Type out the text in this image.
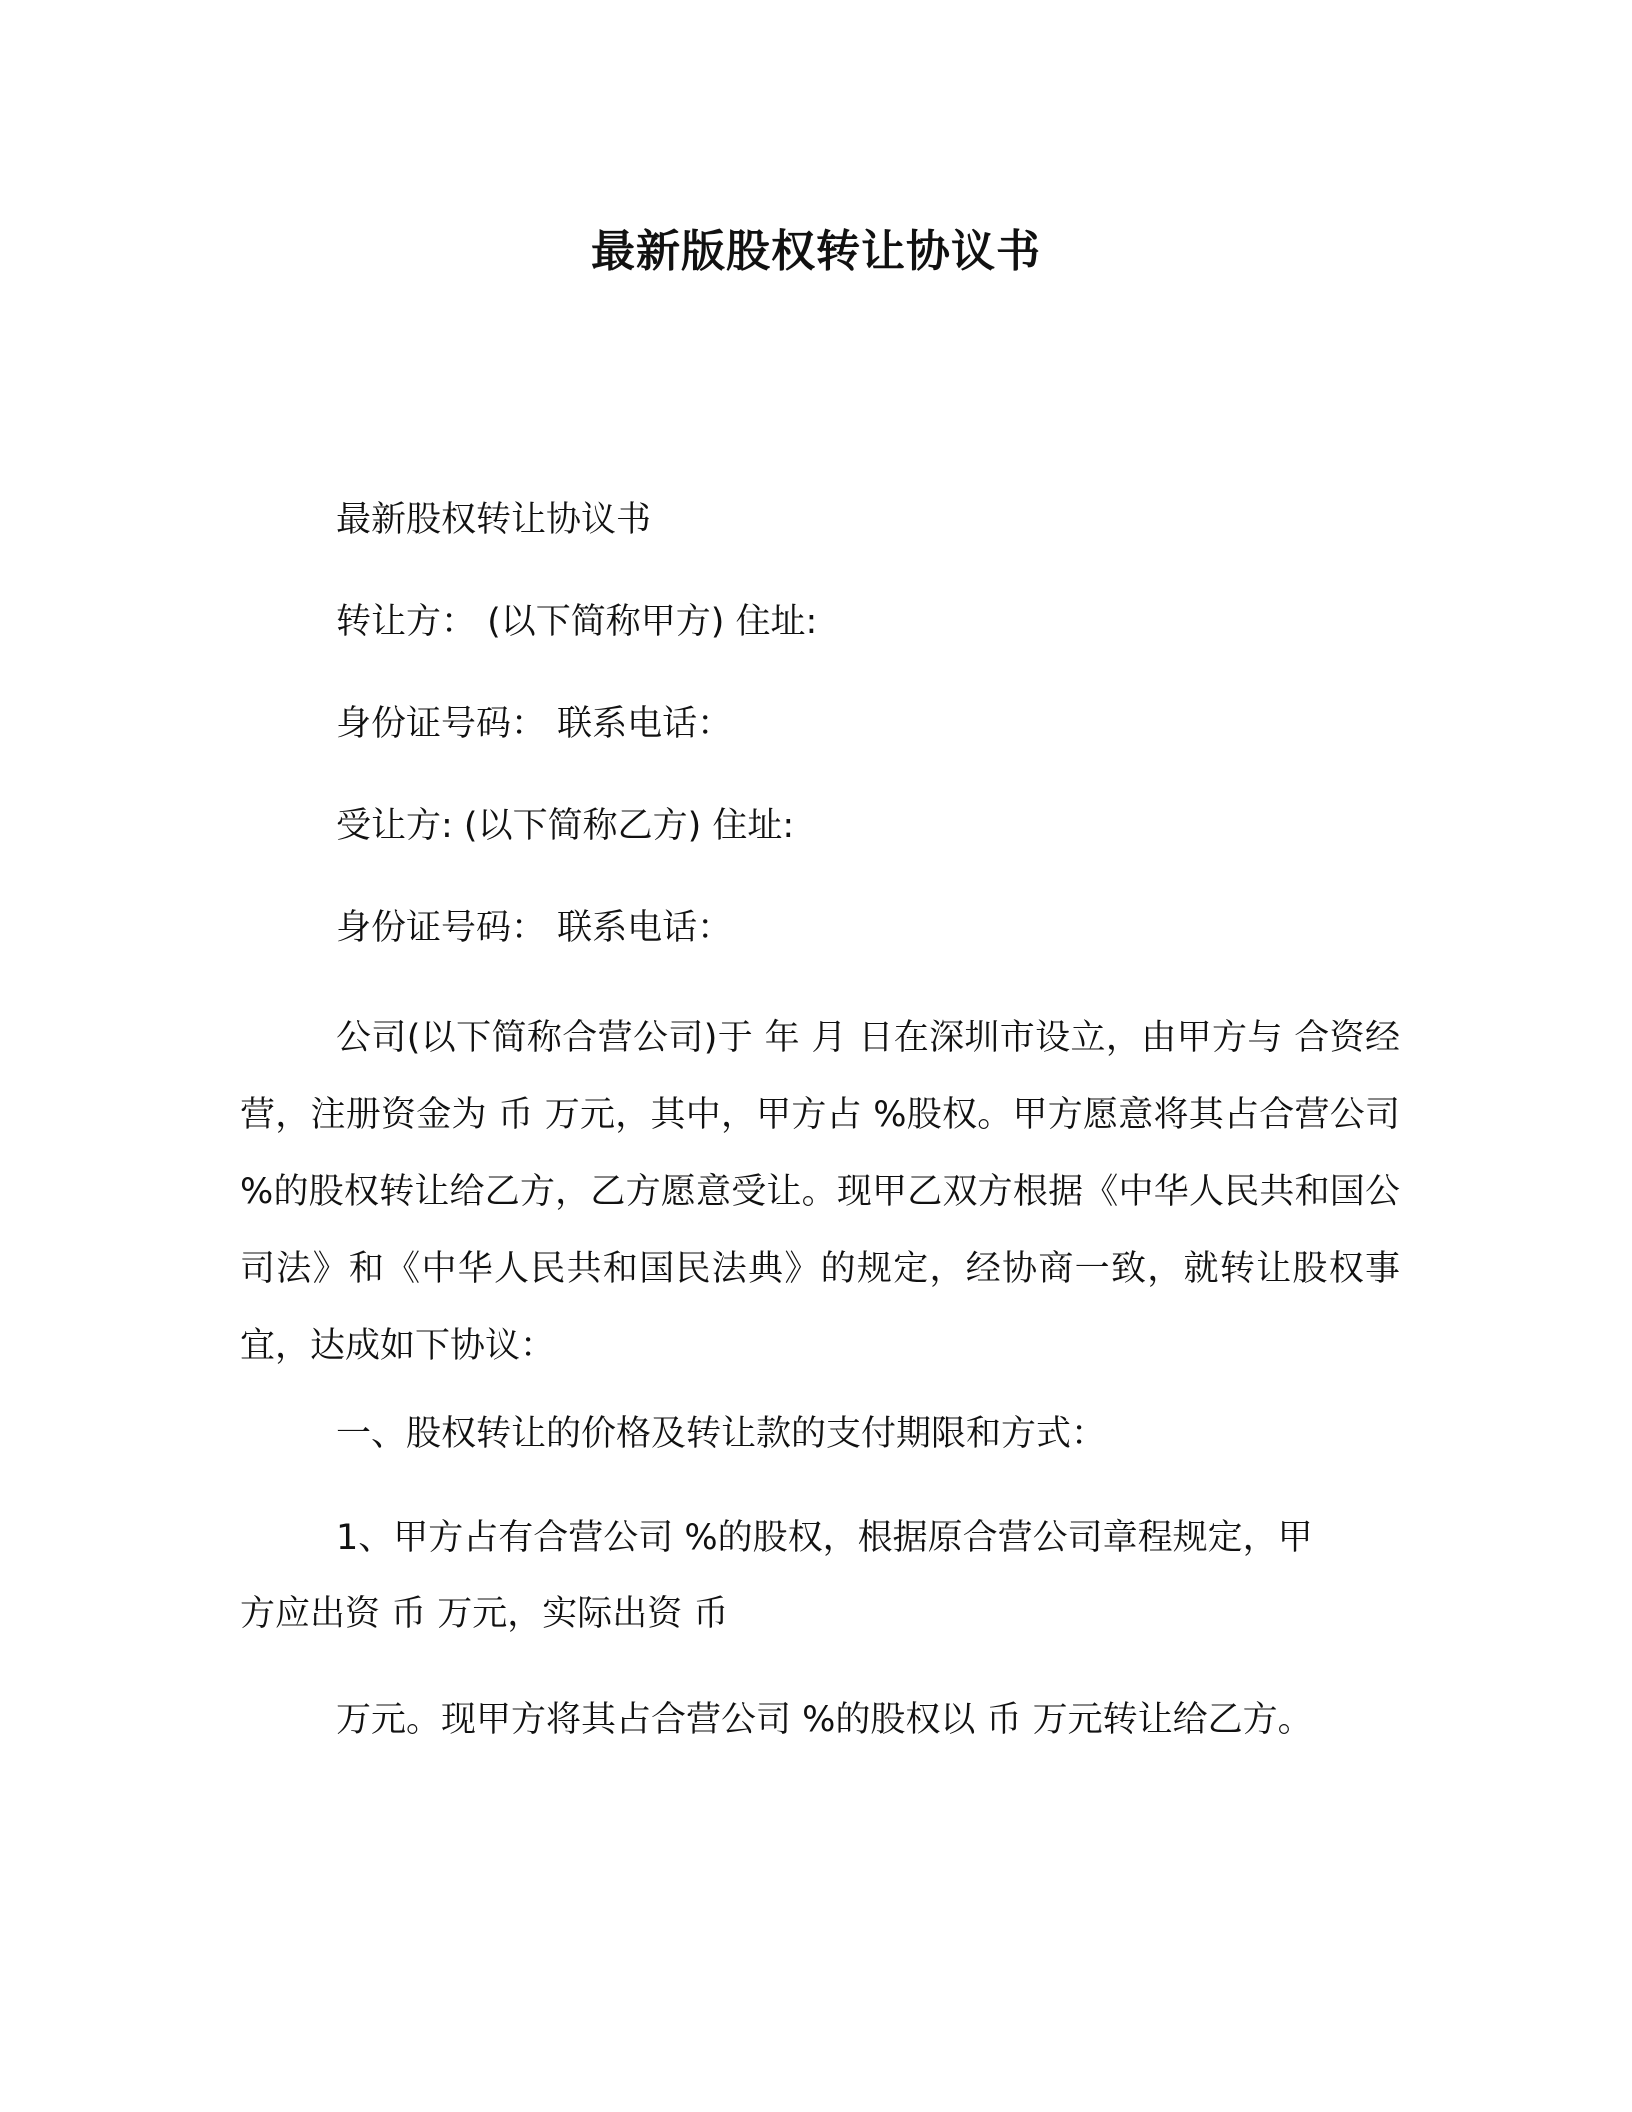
最新版股权转让协议书
最新股权转让协议书
转让方： (以下简称甲方) 住址:
身份证号码： 联系电话：
受让方: (以下简称乙方) 住址:
身份证号码： 联系电话：

公司(以下简称合营公司)于 年 月 日在深圳市设立，由甲方与 合资经营，注册资金为 币 万元，其中，甲方占 %股权。甲方愿意将其占合营公司 %的股权转让给乙方，乙方愿意受让。现甲乙双方根据《中华人民共和国公司法》和《中华人民共和国民法典》的规定，经协商一致，就转让股权事宜，达成如下协议：

一、股权转让的价格及转让款的支付期限和方式：
1、甲方占有合营公司 %的股权，根据原合营公司章程规定，甲
方应出资 币 万元，实际出资 币
万元。现甲方将其占合营公司 %的股权以 币 万元转让给乙方。
